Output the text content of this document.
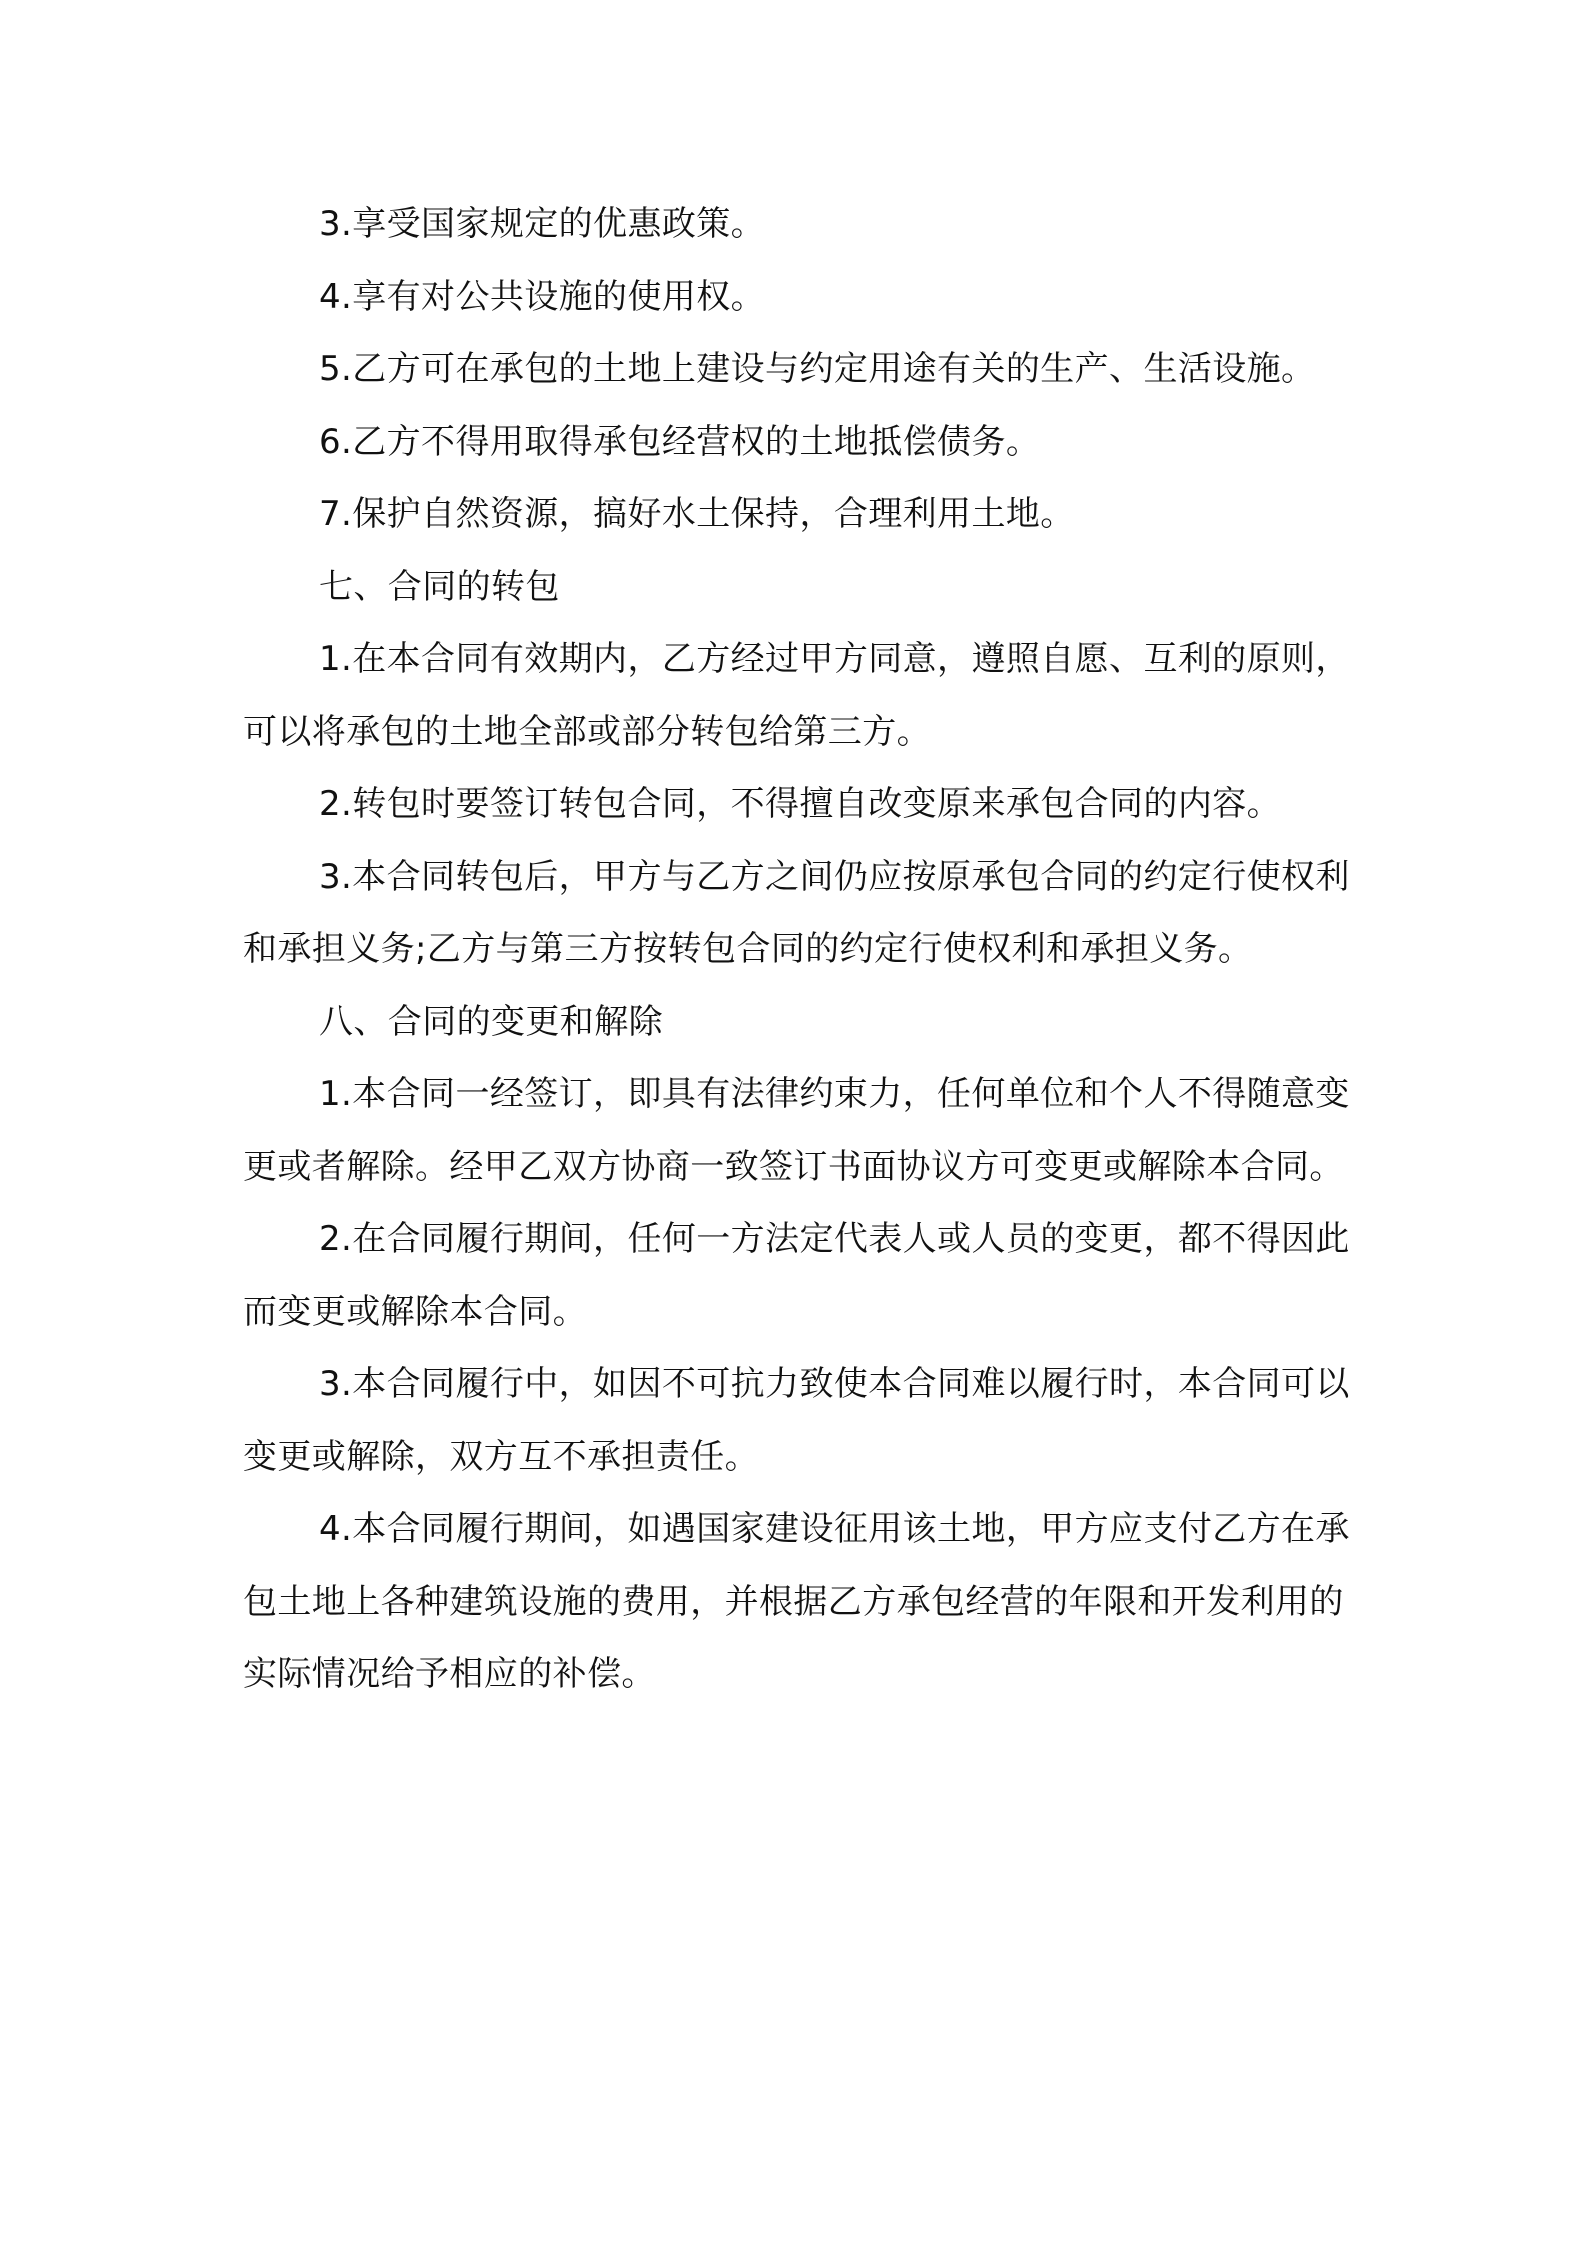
3.享受国家规定的优惠政策。

4.享有对公共设施的使用权。

5.乙方可在承包的土地上建设与约定用途有关的生产、生活设施。

6.乙方不得用取得承包经营权的土地抵偿债务。

7.保护自然资源，搞好水土保持，合理利用土地。

七、合同的转包

1.在本合同有效期内，乙方经过甲方同意，遵照自愿、互利的原则，可以将承包的土地全部或部分转包给第三方。

2.转包时要签订转包合同，不得擅自改变原来承包合同的内容。

3.本合同转包后，甲方与乙方之间仍应按原承包合同的约定行使权利和承担义务;乙方与第三方按转包合同的约定行使权利和承担义务。

八、合同的变更和解除

1.本合同一经签订，即具有法律约束力，任何单位和个人不得随意变更或者解除。经甲乙双方协商一致签订书面协议方可变更或解除本合同。

2.在合同履行期间，任何一方法定代表人或人员的变更，都不得因此而变更或解除本合同。

3.本合同履行中，如因不可抗力致使本合同难以履行时，本合同可以变更或解除，双方互不承担责任。

4.本合同履行期间，如遇国家建设征用该土地，甲方应支付乙方在承包土地上各种建筑设施的费用，并根据乙方承包经营的年限和开发利用的实际情况给予相应的补偿。
